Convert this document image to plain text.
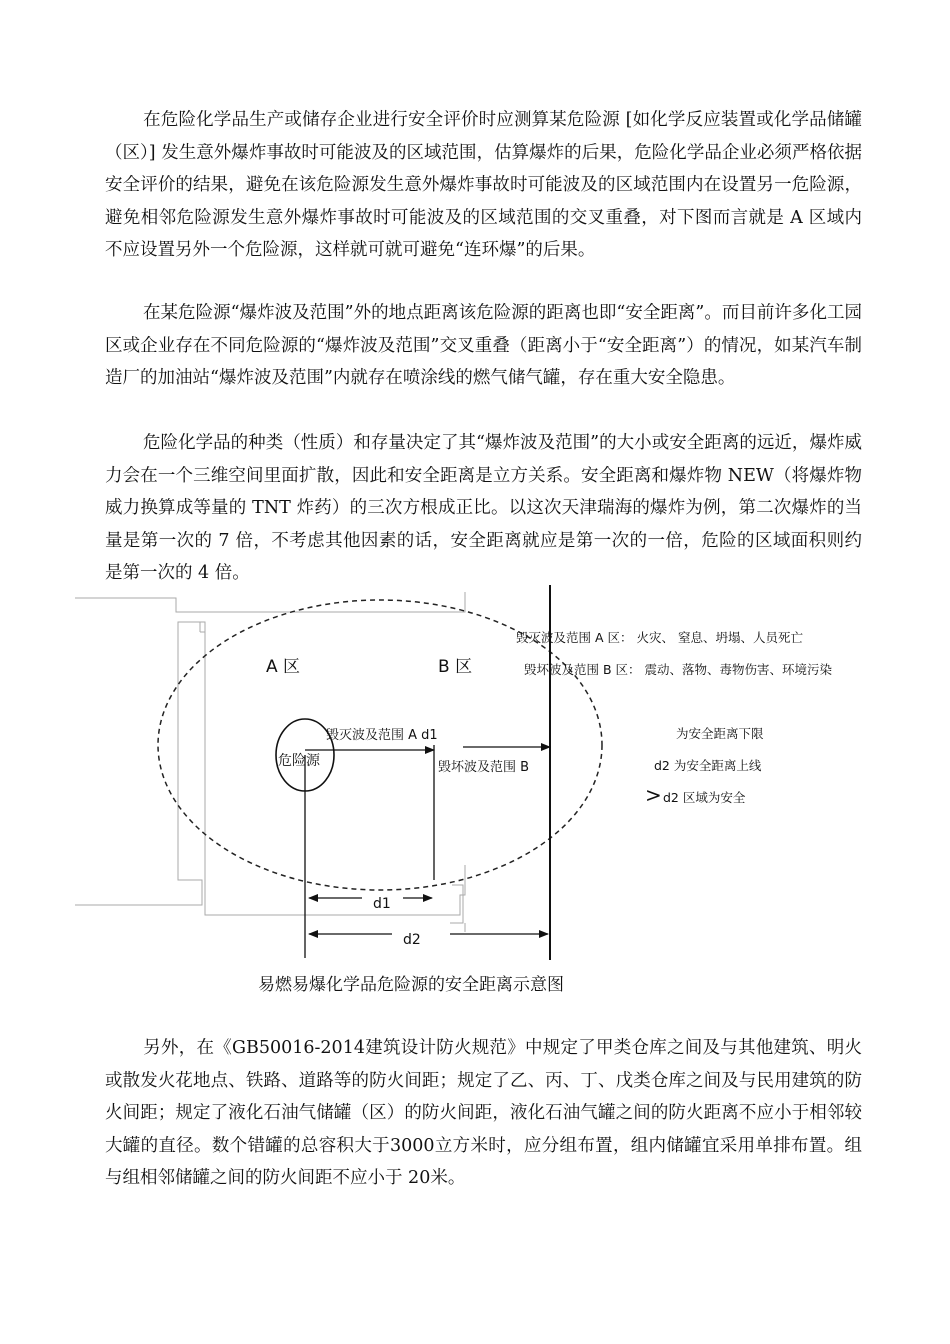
在危险化学品生产或储存企业进行安全评价时应测算某危险源 [如化学反应装置或化学品储罐（区）] 发生意外爆炸事故时可能波及的区域范围，估算爆炸的后果，危险化学品企业必须严格依据安全评价的结果，避免在该危险源发生意外爆炸事故时可能波及的区域范围内在设置另一危险源，避免相邻危险源发生意外爆炸事故时可能波及的区域范围的交叉重叠，对下图而言就是 A 区域内不应设置另外一个危险源，这样就可就可避免“连环爆”的后果。

在某危险源“爆炸波及范围”外的地点距离该危险源的距离也即“安全距离”。而目前许多化工园区或企业存在不同危险源的“爆炸波及范围”交叉重叠（距离小于“安全距离”）的情况，如某汽车制造厂的加油站“爆炸波及范围”内就存在喷涂线的燃气储气罐，存在重大安全隐患。

危险化学品的种类（性质）和存量决定了其“爆炸波及范围”的大小或安全距离的远近，爆炸威力会在一个三维空间里面扩散，因此和安全距离是立方关系。安全距离和爆炸物 NEW（将爆炸物威力换算成等量的 TNT 炸药）的三次方根成正比。以这次天津瑞海的爆炸为例，第二次爆炸的当量是第一次的 7 倍，不考虑其他因素的话，安全距离就应是第一次的一倍，危险的区域面积则约是第一次的 4 倍。

A 区	B 区
危险源
毁灭波及范围 A d1
毁坏波及范围 B
d1
d2
毁灭波及范围 A 区： 火灾、 窒息、坍塌、人员死亡
毁坏波及范围 B 区： 震动、落物、毒物伤害、环境污染
为安全距离下限
d2 为安全距离上线
> d2 区域为安全
易燃易爆化学品危险源的安全距离示意图

另外，在《GB50016-2014建筑设计防火规范》中规定了甲类仓库之间及与其他建筑、明火或散发火花地点、铁路、道路等的防火间距；规定了乙、丙、丁、戊类仓库之间及与民用建筑的防火间距；规定了液化石油气储罐（区）的防火间距，液化石油气罐之间的防火距离不应小于相邻较大罐的直径。数个错罐的总容积大于3000立方米时，应分组布置，组内储罐宜采用单排布置。组与组相邻储罐之间的防火间距不应小于 20米。
